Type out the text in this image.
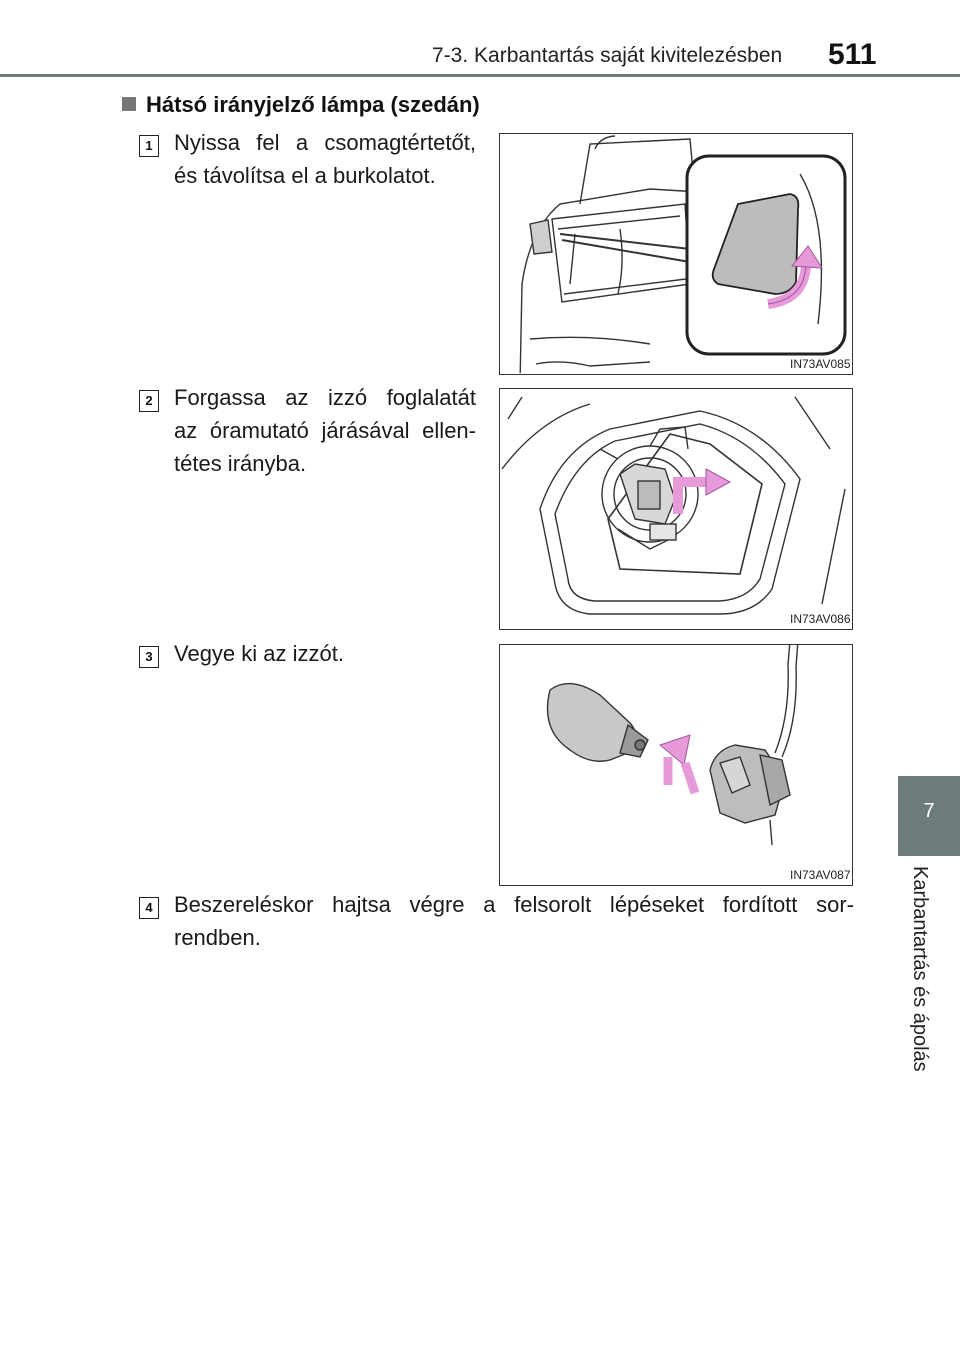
7-3. Karbantartás saját kivitelezésben 511
7
Karbantartás és ápolás
Hátsó irányjelző lámpa (szedán)
1 Nyissa fel a csomagtértetőt,
és távolítsa el a burkolatot.
2 Forgassa az izzó foglalatát
az óramutató járásával ellen-
tétes irányba.
3 Vegye ki az izzót.
4 Beszereléskor hajtsa végre a felsorolt lépéseket fordított sor-
rendben.
IN73AV085
IN73AV086
IN73AV087
